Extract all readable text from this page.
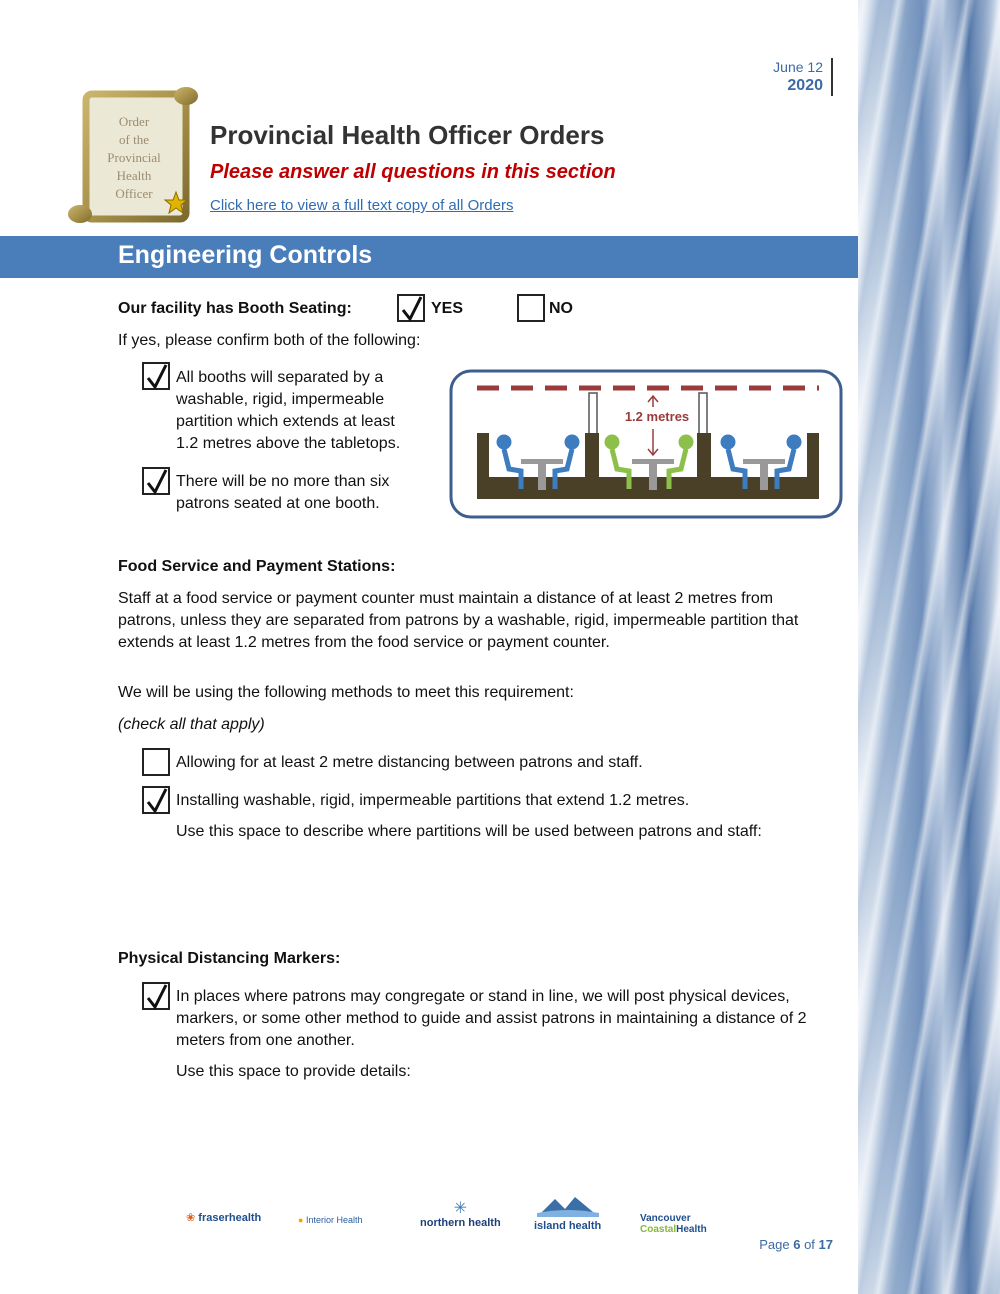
June 12
2020
Order
of the
Provincial
Health
Officer
Provincial Health Officer Orders
Please answer all questions in this section
Click here to view a full text copy of all Orders
Engineering Controls
Our facility has Booth Seating:	YES	NO
If yes, please confirm both of the following:
All booths will separated by a
washable, rigid, impermeable
partition which extends at least
1.2 metres above the tabletops.
There will be no more than six
patrons seated at one booth.
1.2 metres
Food Service and Payment Stations:
Staff at a food service or payment counter must maintain a distance of at least 2 metres from
patrons, unless they are separated from patrons by a washable, rigid, impermeable partition that
extends at least 1.2 metres from the food service or payment counter.
We will be using the following methods to meet this requirement:
(check all that apply)
Allowing for at least 2 metre distancing between patrons and staff.
Installing washable, rigid, impermeable partitions that extend 1.2 metres.
Use this space to describe where partitions will be used between patrons and staff:
Physical Distancing Markers:
In places where patrons may congregate or stand in line, we will post physical devices,
markers, or some other method to guide and assist patrons in maintaining a distance of 2
meters from one another.
Use this space to provide details:
❀ fraserhealth	● Interior Health
✳
northern health	island health
Vancouver
CoastalHealth
Page 6 of 17
